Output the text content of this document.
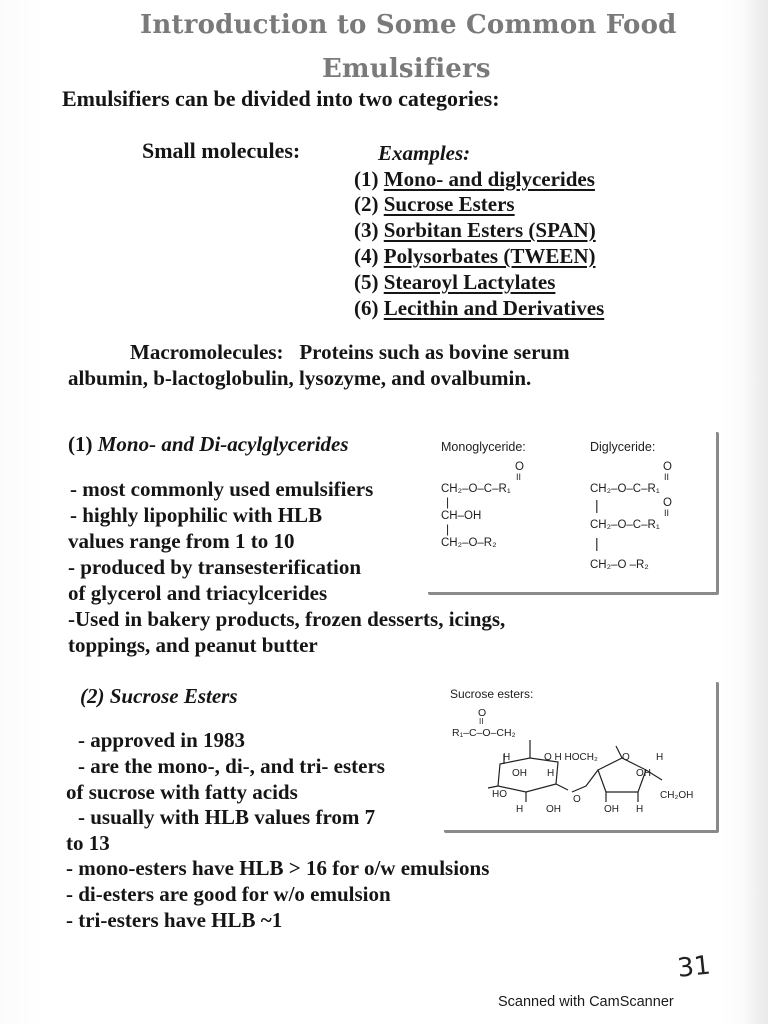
Introduction to Some Common Food
Emulsifiers
Emulsifiers can be divided into two categories:
Small molecules:	Examples:
(1) Mono- and diglycerides
(2) Sucrose Esters
(3) Sorbitan Esters (SPAN)
(4) Polysorbates (TWEEN)
(5) Stearoyl Lactylates
(6) Lecithin and Derivatives
Macromolecules: Proteins such as bovine serum
albumin, b-lactoglobulin, lysozyme, and ovalbumin.
(1) Mono- and Di-acylglycerides
- most commonly used emulsifiers
- highly lipophilic with HLB
values range from 1 to 10
- produced by transesterification
of glycerol and triacylcerides
-Used in bakery products, frozen desserts, icings,
toppings, and peanut butter
Monoglyceride:	Diglyceride:
O
II
CH₂–O–C–R₁
|
CH–OH
|
CH₂–O–R₂
O
II
CH₂–O–C–R₁
|	O
II
CH₂–O–C–R₁
|
CH₂–O –R₂
(2) Sucrose Esters
- approved in 1983
- are the mono-, di-, and tri- esters
of sucrose with fatty acids
- usually with HLB values from 7
to 13
- mono-esters have HLB > 16 for o/w emulsions
- di-esters are good for w/o emulsion
- tri-esters have HLB ~1
Sucrose esters:
O
II
R₁–C–O–CH₂
H	O H HOCH₂ O	H
OH H	OH
HO	O	CH₂OH
H OH	OH H
31
Scanned with CamScanner
